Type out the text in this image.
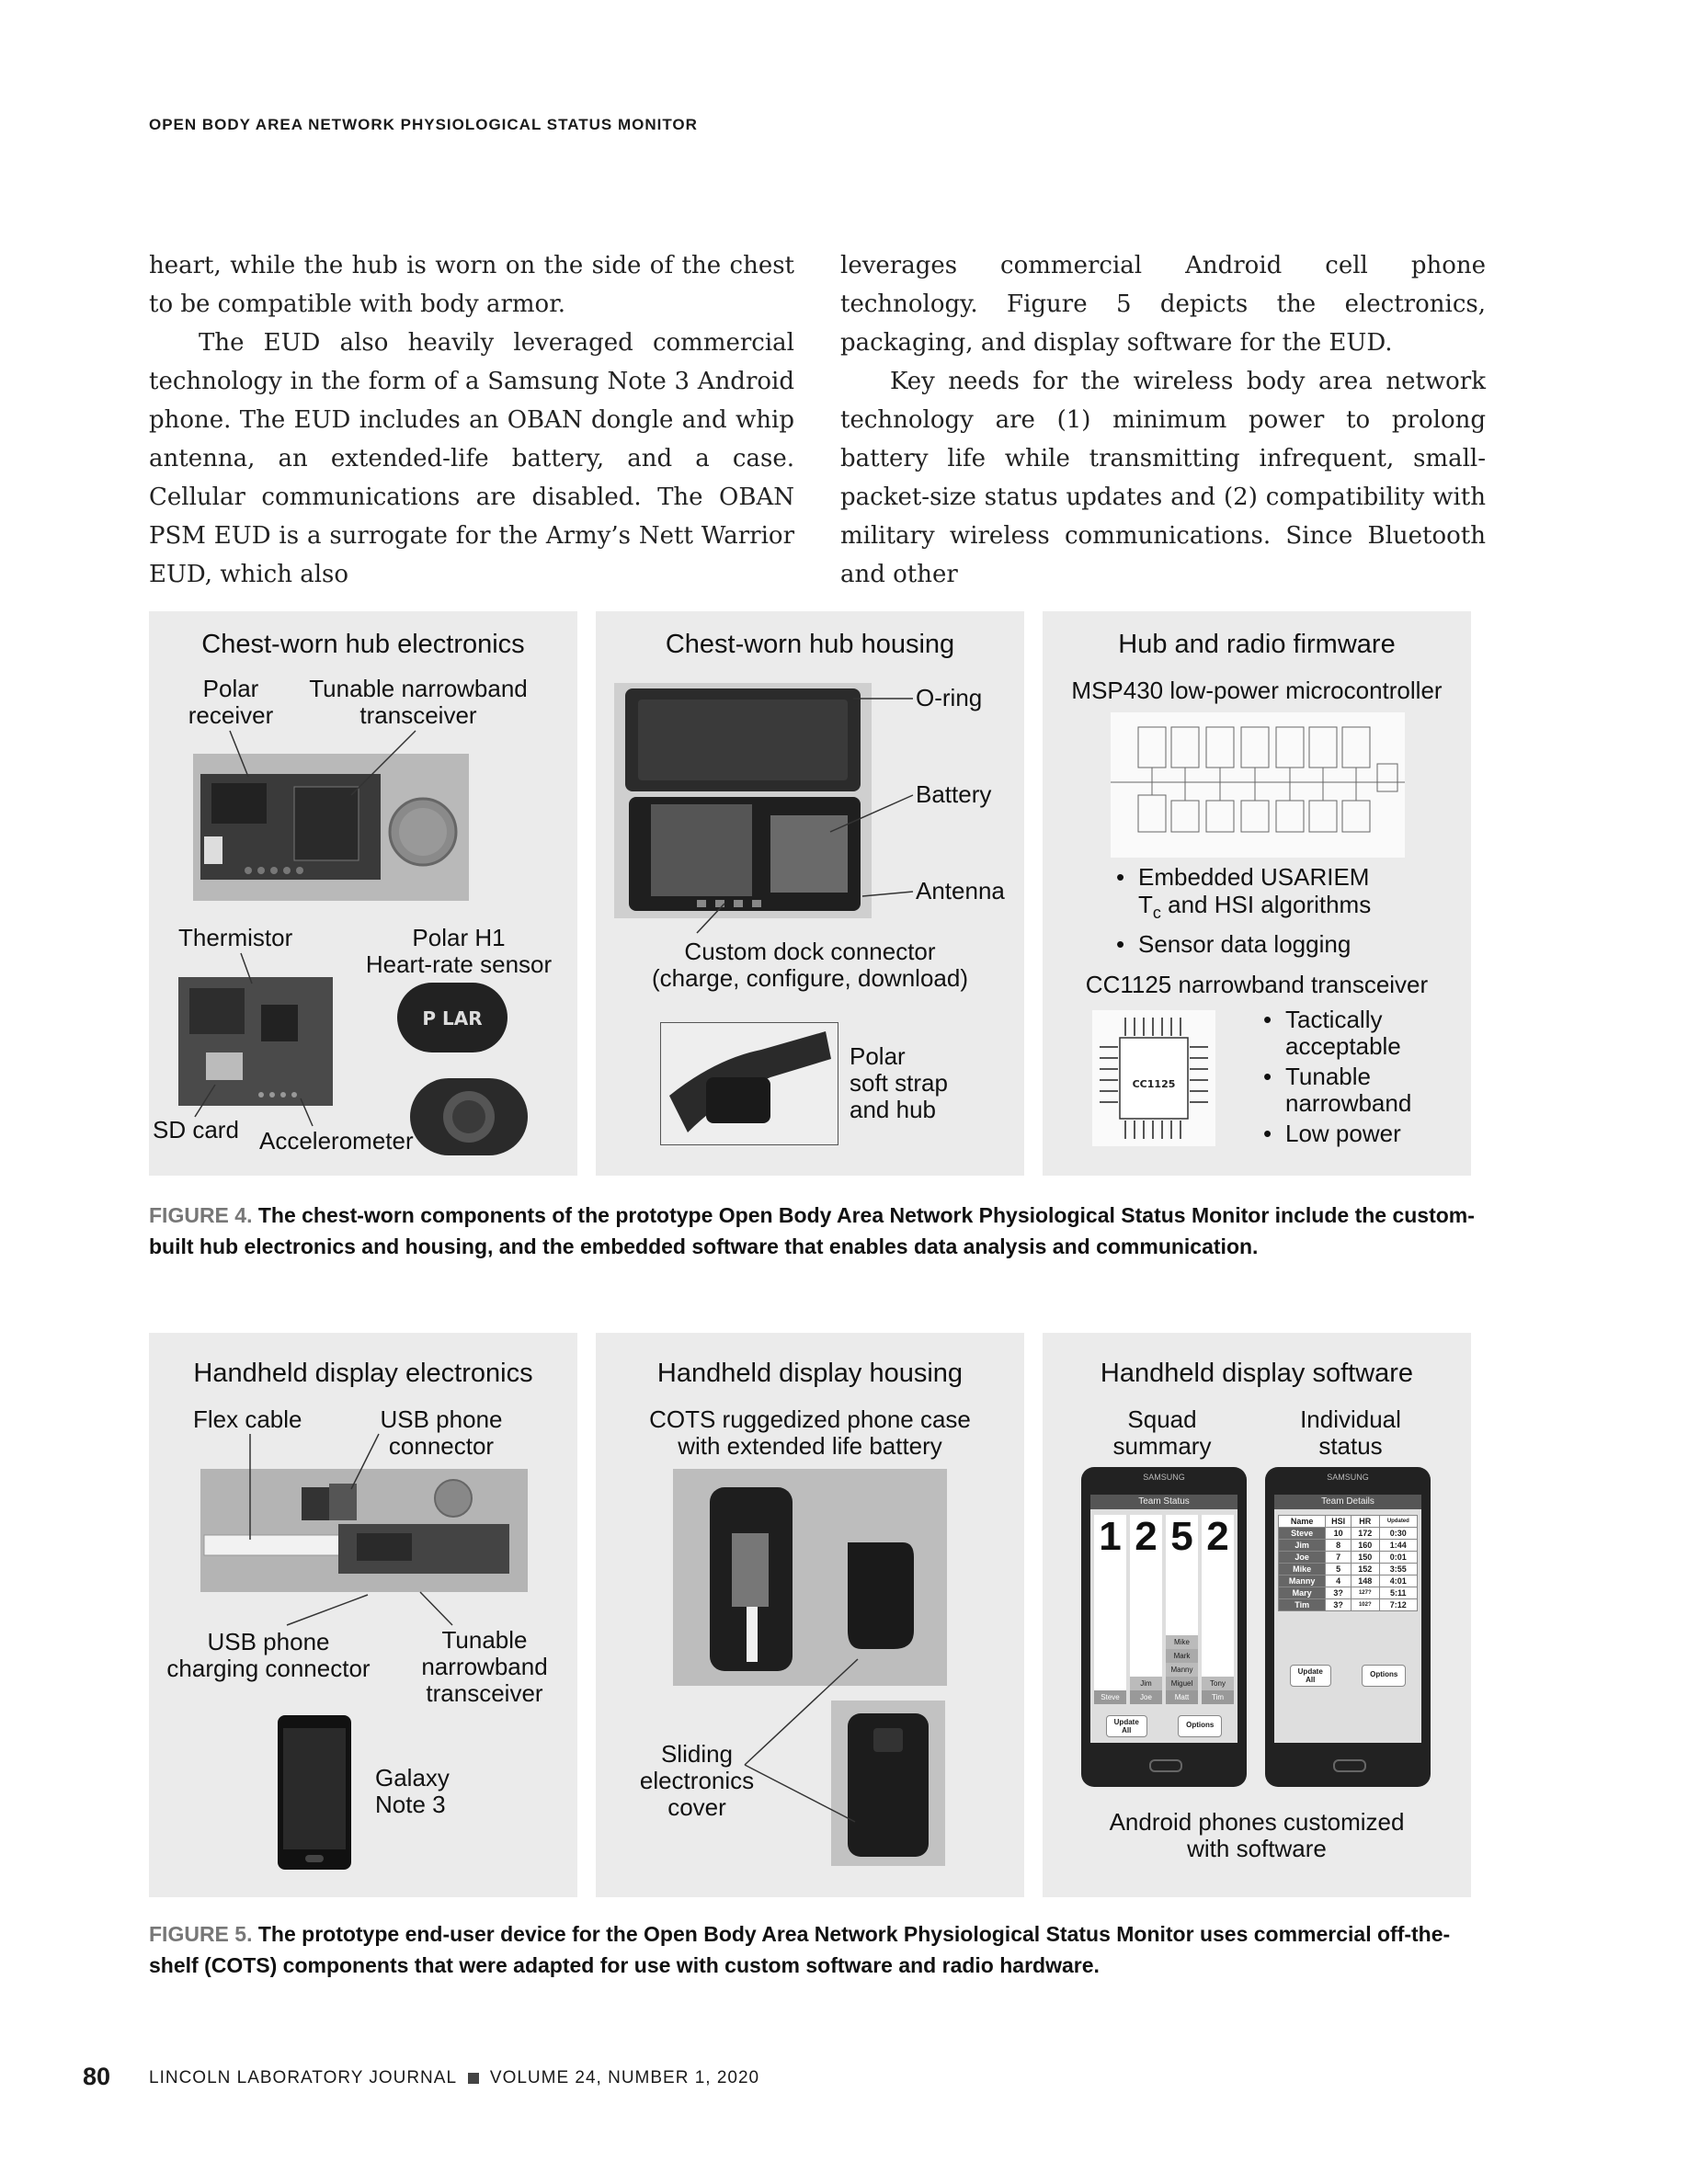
OPEN BODY AREA NETWORK PHYSIOLOGICAL STATUS MONITOR

heart, while the hub is worn on the side of the chest to be compatible with body armor.

The EUD also heavily leveraged commercial technology in the form of a Samsung Note 3 Android phone. The EUD includes an OBAN dongle and whip antenna, an extended-life battery, and a case. Cellular communications are disabled. The OBAN PSM EUD is a surrogate for the Army’s Nett Warrior EUD, which also

leverages commercial Android cell phone technology. Figure 5 depicts the electronics, packaging, and display software for the EUD.

Key needs for the wireless body area network technology are (1) minimum power to prolong battery life while transmitting infrequent, small-packet-size status updates and (2) compatibility with military wireless communications. Since Bluetooth and other

Chest-worn hub electronics
Polar
receiver
Tunable narrowband
transceiver
Thermistor	Polar H1
Heart-rate sensor
P LAR
SD card Accelerometer
Chest-worn hub housing
O-ring
Battery
Antenna
Custom dock connector
(charge, configure, download)
Polar
soft strap
and hub
Hub and radio firmware
MSP430 low-power microcontroller
• Embedded USARIEM
$T_c$ and HSI algorithms
• Sensor data logging
CC1125 narrowband transceiver
CC1125
• Tactically
acceptable
• Tunable
narrowband
• Low power
FIGURE 4. The chest-worn components of the prototype Open Body Area Network Physiological Status Monitor include the custom-built hub electronics and housing, and the embedded software that enables data analysis and communication.
Handheld display electronics
Flex cable	USB phone
connector
USB phone
charging connector
Tunable
narrowband
transceiver
Galaxy
Note 3
Handheld display housing
COTS ruggedized phone case
with extended life battery
Sliding
electronics
cover
Handheld display software
Squad
summary
Individual
status
SAMSUNG
Team Status
1
Steve
2
Jim
Joe
5
Mike
Mark
Manny
Miguel
Matt
2
Tony
Tim
Update
All
Options
SAMSUNG
Team Details
Name	HSI	HR	Updated
Steve	10	172	0:30
Jim	8	160	1:44
Joe	7	150	0:01
Mike	5	152	3:55
Manny	4	148	4:01
Mary	3?	127?	5:11
Tim	3?	102?	7:12
Update
All
Options
Android phones customized
with software
FIGURE 5. The prototype end-user device for the Open Body Area Network Physiological Status Monitor uses commercial off-the-shelf (COTS) components that were adapted for use with custom software and radio hardware.
80 LINCOLN LABORATORY JOURNAL VOLUME 24, NUMBER 1, 2020
